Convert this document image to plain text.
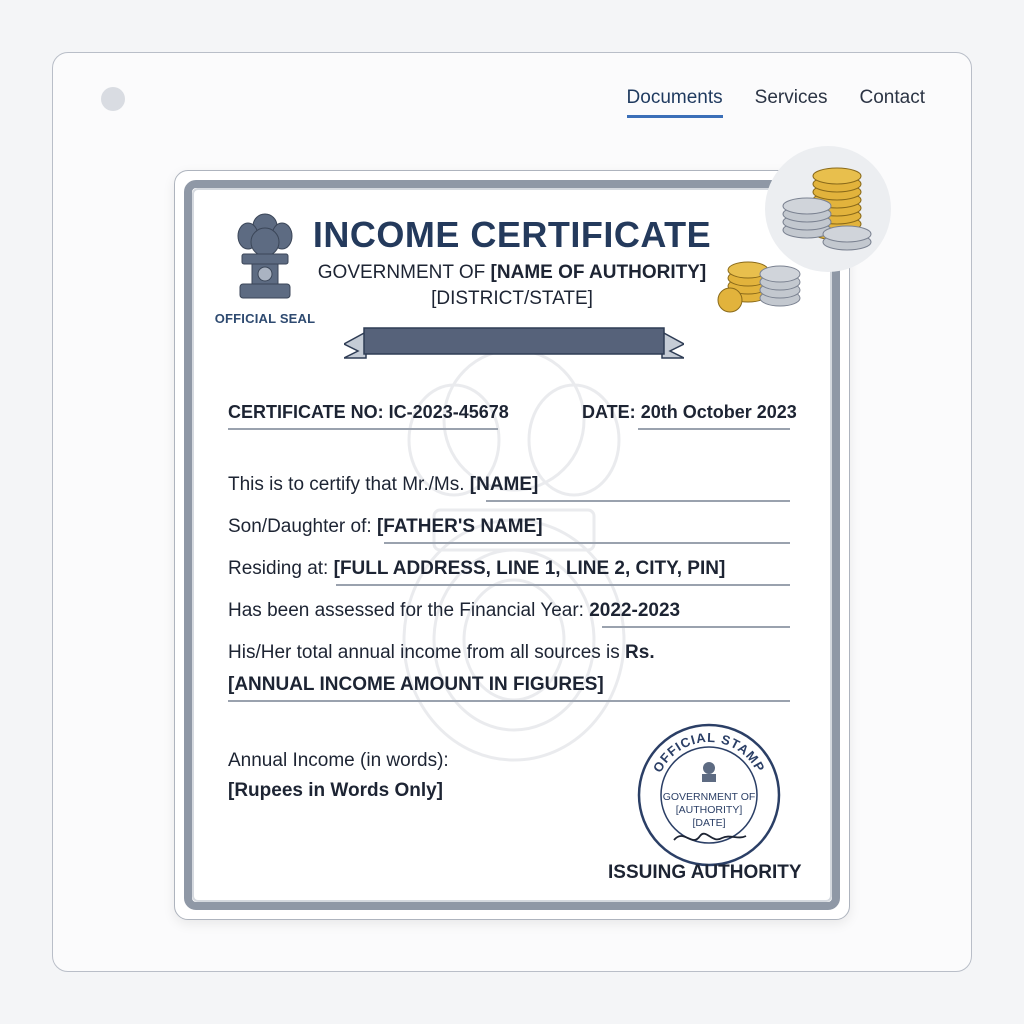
Documents Services Contact
OFFICIAL SEAL
INCOME CERTIFICATE
GOVERNMENT OF [NAME OF AUTHORITY]
[DISTRICT/STATE]
CERTIFICATE NO: IC-2023-45678	DATE: 20th October 2023
This is to certify that Mr./Ms. [NAME]
Son/Daughter of: [FATHER'S NAME]
Residing at: [FULL ADDRESS, LINE 1, LINE 2, CITY, PIN]
Has been assessed for the Financial Year: 2022-2023
His/Her total annual income from all sources is Rs.
[ANNUAL INCOME AMOUNT IN FIGURES]
Annual Income (in words):
[Rupees in Words Only]
OFFICIAL STAMP
GOVERNMENT OF
[AUTHORITY]
[DATE]
ISSUING AUTHORITY
